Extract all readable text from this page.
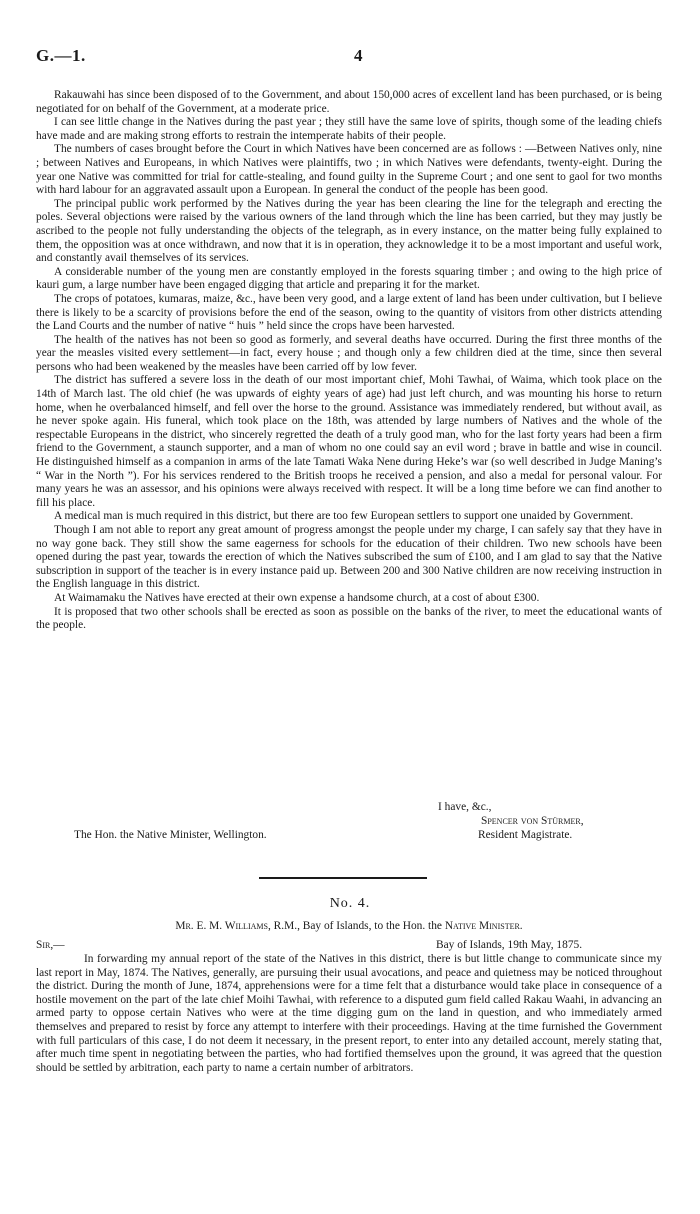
G.—1.	4

Rakauwahi has since been disposed of to the Government, and about 150,000 acres of excellent land has been purchased, or is being negotiated for on behalf of the Government, at a moderate price.

I can see little change in the Natives during the past year ; they still have the same love of spirits, though some of the leading chiefs have made and are making strong efforts to restrain the intemperate habits of their people.

The numbers of cases brought before the Court in which Natives have been concerned are as follows : —Between Natives only, nine ; between Natives and Europeans, in which Natives were plaintiffs, two ; in which Natives were defendants, twenty-eight. During the year one Native was committed for trial for cattle-stealing, and found guilty in the Supreme Court ; and one sent to gaol for two months with hard labour for an aggravated assault upon a European. In general the conduct of the people has been good.

The principal public work performed by the Natives during the year has been clearing the line for the telegraph and erecting the poles. Several objections were raised by the various owners of the land through which the line has been carried, but they may justly be ascribed to the people not fully understanding the objects of the telegraph, as in every instance, on the matter being fully explained to them, the opposition was at once withdrawn, and now that it is in operation, they acknowledge it to be a most important and useful work, and constantly avail themselves of its services.

A considerable number of the young men are constantly employed in the forests squaring timber ; and owing to the high price of kauri gum, a large number have been engaged digging that article and preparing it for the market.

The crops of potatoes, kumaras, maize, &c., have been very good, and a large extent of land has been under cultivation, but I believe there is likely to be a scarcity of provisions before the end of the season, owing to the quantity of visitors from other districts attending the Land Courts and the number of native “ huis ” held since the crops have been harvested.

The health of the natives has not been so good as formerly, and several deaths have occurred. During the first three months of the year the measles visited every settlement—in fact, every house ; and though only a few children died at the time, since then several persons who had been weakened by the measles have been carried off by low fever.

The district has suffered a severe loss in the death of our most important chief, Mohi Tawhai, of Waima, which took place on the 14th of March last. The old chief (he was upwards of eighty years of age) had just left church, and was mounting his horse to return home, when he overbalanced himself, and fell over the horse to the ground. Assistance was immediately rendered, but without avail, as he never spoke again. His funeral, which took place on the 18th, was attended by large numbers of Natives and the whole of the respectable Europeans in the district, who sincerely regretted the death of a truly good man, who for the last forty years had been a firm friend to the Government, a staunch supporter, and a man of whom no one could say an evil word ; brave in battle and wise in council. He distinguished himself as a companion in arms of the late Tamati Waka Nene during Heke’s war (so well described in Judge Maning’s “ War in the North ”). For his services rendered to the British troops he received a pension, and also a medal for personal valour. For many years he was an assessor, and his opinions were always received with respect. It will be a long time before we can find another to fill his place.

A medical man is much required in this district, but there are too few European settlers to support one unaided by Government.

Though I am not able to report any great amount of progress amongst the people under my charge, I can safely say that they have in no way gone back. They still show the same eagerness for schools for the education of their children. Two new schools have been opened during the past year, towards the erection of which the Natives subscribed the sum of £100, and I am glad to say that the Native subscription in support of the teacher is in every instance paid up. Between 200 and 300 Native children are now receiving instruction in the English language in this district.

At Waimamaku the Natives have erected at their own expense a handsome church, at a cost of about £300.

It is proposed that two other schools shall be erected as soon as possible on the banks of the river, to meet the educational wants of the people.

I have, &c.,
Spencer von Stürmer,
The Hon. the Native Minister, Wellington.	Resident Magistrate.
No. 4.
Mr. E. M. Williams, R.M., Bay of Islands, to the Hon. the Native Minister.
Sir,—	Bay of Islands, 19th May, 1875.

In forwarding my annual report of the state of the Natives in this district, there is but little change to communicate since my last report in May, 1874. The Natives, generally, are pursuing their usual avocations, and peace and quietness may be noticed throughout the district. During the month of June, 1874, apprehensions were for a time felt that a disturbance would take place in consequence of a hostile movement on the part of the late chief Moihi Tawhai, with reference to a disputed gum field called Rakau Waahi, in advancing an armed party to oppose certain Natives who were at the time digging gum on the land in question, and who immediately armed themselves and prepared to resist by force any attempt to interfere with their proceedings. Having at the time furnished the Government with full particulars of this case, I do not deem it necessary, in the present report, to enter into any detailed account, merely stating that, after much time spent in negotiating between the parties, who had fortified themselves upon the ground, it was agreed that the question should be settled by arbitration, each party to name a certain number of arbitrators.
